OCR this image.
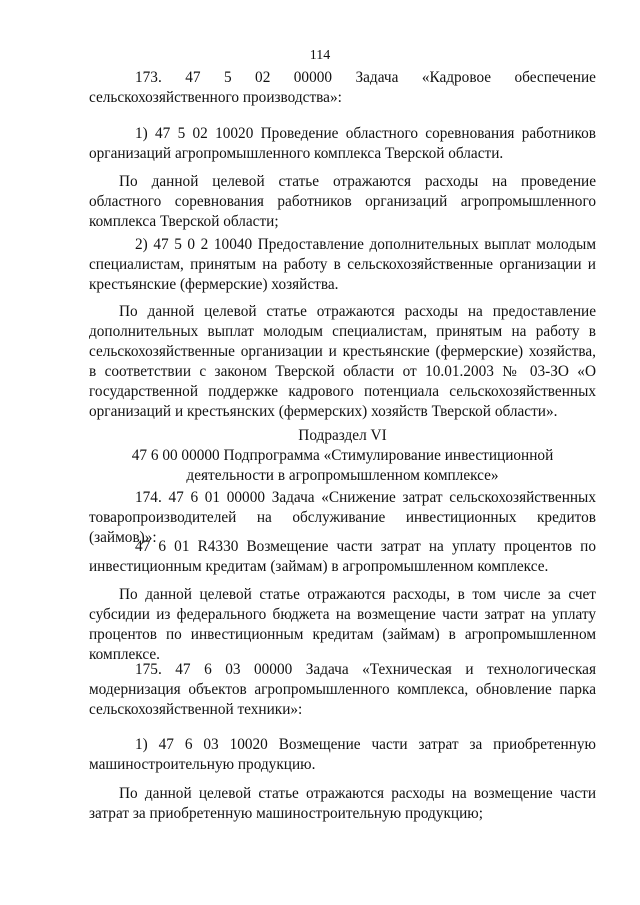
114
173. 47 5 02 00000 Задача «Кадровое обеспечение

сельскохозяйственного производства»:

1) 47 5 02 10020 Проведение областного соревнования работников организаций агропромышленного комплекса Тверской области.

По данной целевой статье отражаются расходы на проведение областного соревнования работников организаций агропромышленного комплекса Тверской области;

2) 47 5 0 2 10040 Предоставление дополнительных выплат молодым специалистам, принятым на работу в сельскохозяйственные организации и крестьянские (фермерские) хозяйства.

По данной целевой статье отражаются расходы на предоставление дополнительных выплат молодым специалистам, принятым на работу в сельскохозяйственные организации и крестьянские (фермерские) хозяйства, в соответствии с законом Тверской области от 10.01.2003 № 03-ЗО «О государственной поддержке кадрового потенциала сельскохозяйственных организаций и крестьянских (фермерских) хозяйств Тверской области».

Подраздел VI
47 6 00 00000 Подпрограмма «Стимулирование инвестиционной
деятельности в агропромышленном комплексе»

174. 47 6 01 00000 Задача «Снижение затрат сельскохозяйственных товаропроизводителей на обслуживание инвестиционных кредитов (займов)»:

47 6 01 R4330 Возмещение части затрат на уплату процентов по инвестиционным кредитам (займам) в агропромышленном комплексе.

По данной целевой статье отражаются расходы, в том числе за счет субсидии из федерального бюджета на возмещение части затрат на уплату процентов по инвестиционным кредитам (займам) в агропромышленном комплексе.

175. 47 6 03 00000 Задача «Техническая и технологическая модернизация объектов агропромышленного комплекса, обновление парка сельскохозяйственной техники»:

1) 47 6 03 10020 Возмещение части затрат за приобретенную машиностроительную продукцию.

По данной целевой статье отражаются расходы на возмещение части затрат за приобретенную машиностроительную продукцию;
